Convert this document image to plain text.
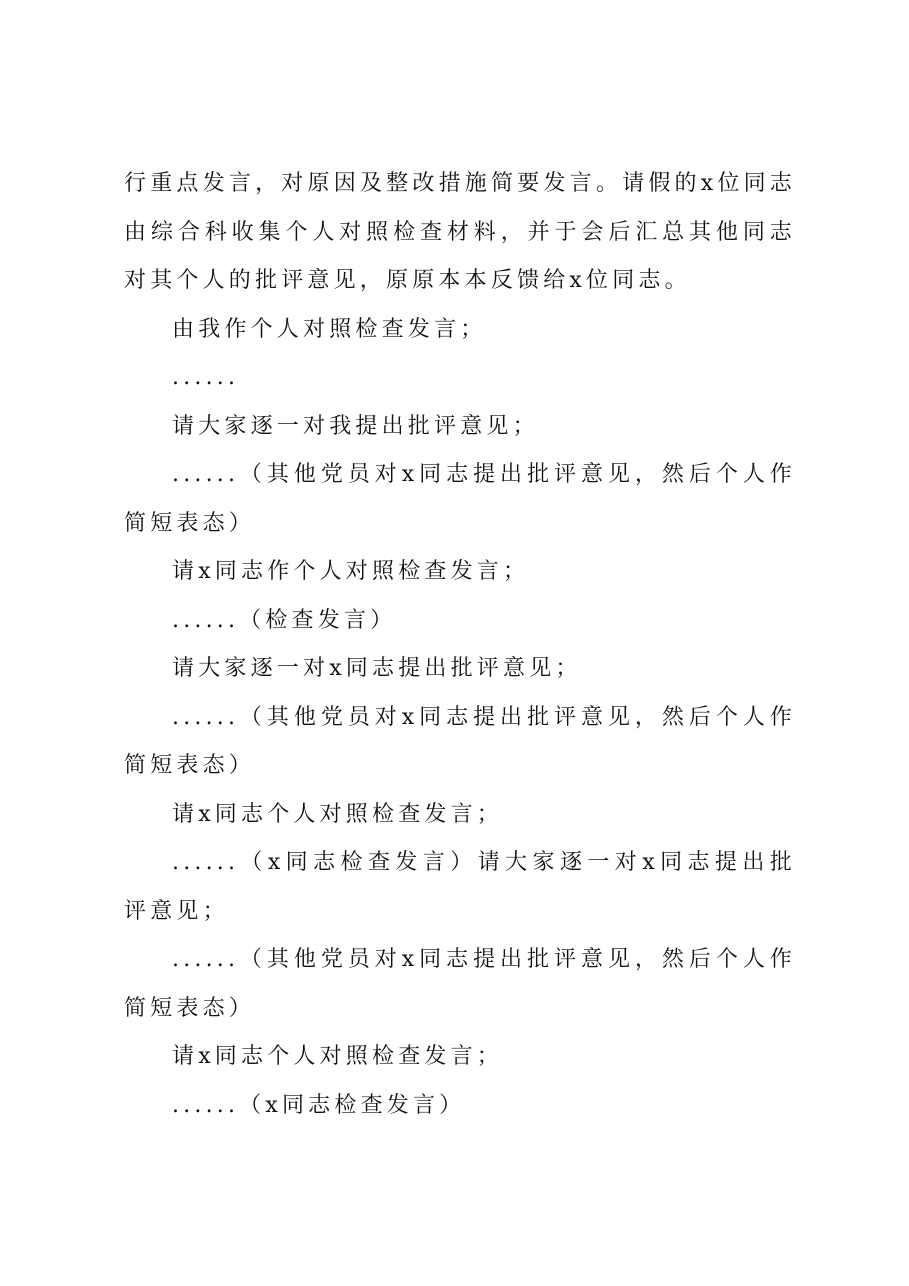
行重点发言，对原因及整改措施简要发言。请假的x位同志由综合科收集个人对照检查材料，并于会后汇总其他同志对其个人的批评意见，原原本本反馈给x位同志。

由我作个人对照检查发言；

......

请大家逐一对我提出批评意见；

......（其他党员对x同志提出批评意见，然后个人作简短表态）

请x同志作个人对照检查发言；

......（检查发言）

请大家逐一对x同志提出批评意见；

......（其他党员对x同志提出批评意见，然后个人作简短表态）

请x同志个人对照检查发言；

......（x同志检查发言）请大家逐一对x同志提出批评意见；

......（其他党员对x同志提出批评意见，然后个人作简短表态）

请x同志个人对照检查发言；

......（x同志检查发言）
